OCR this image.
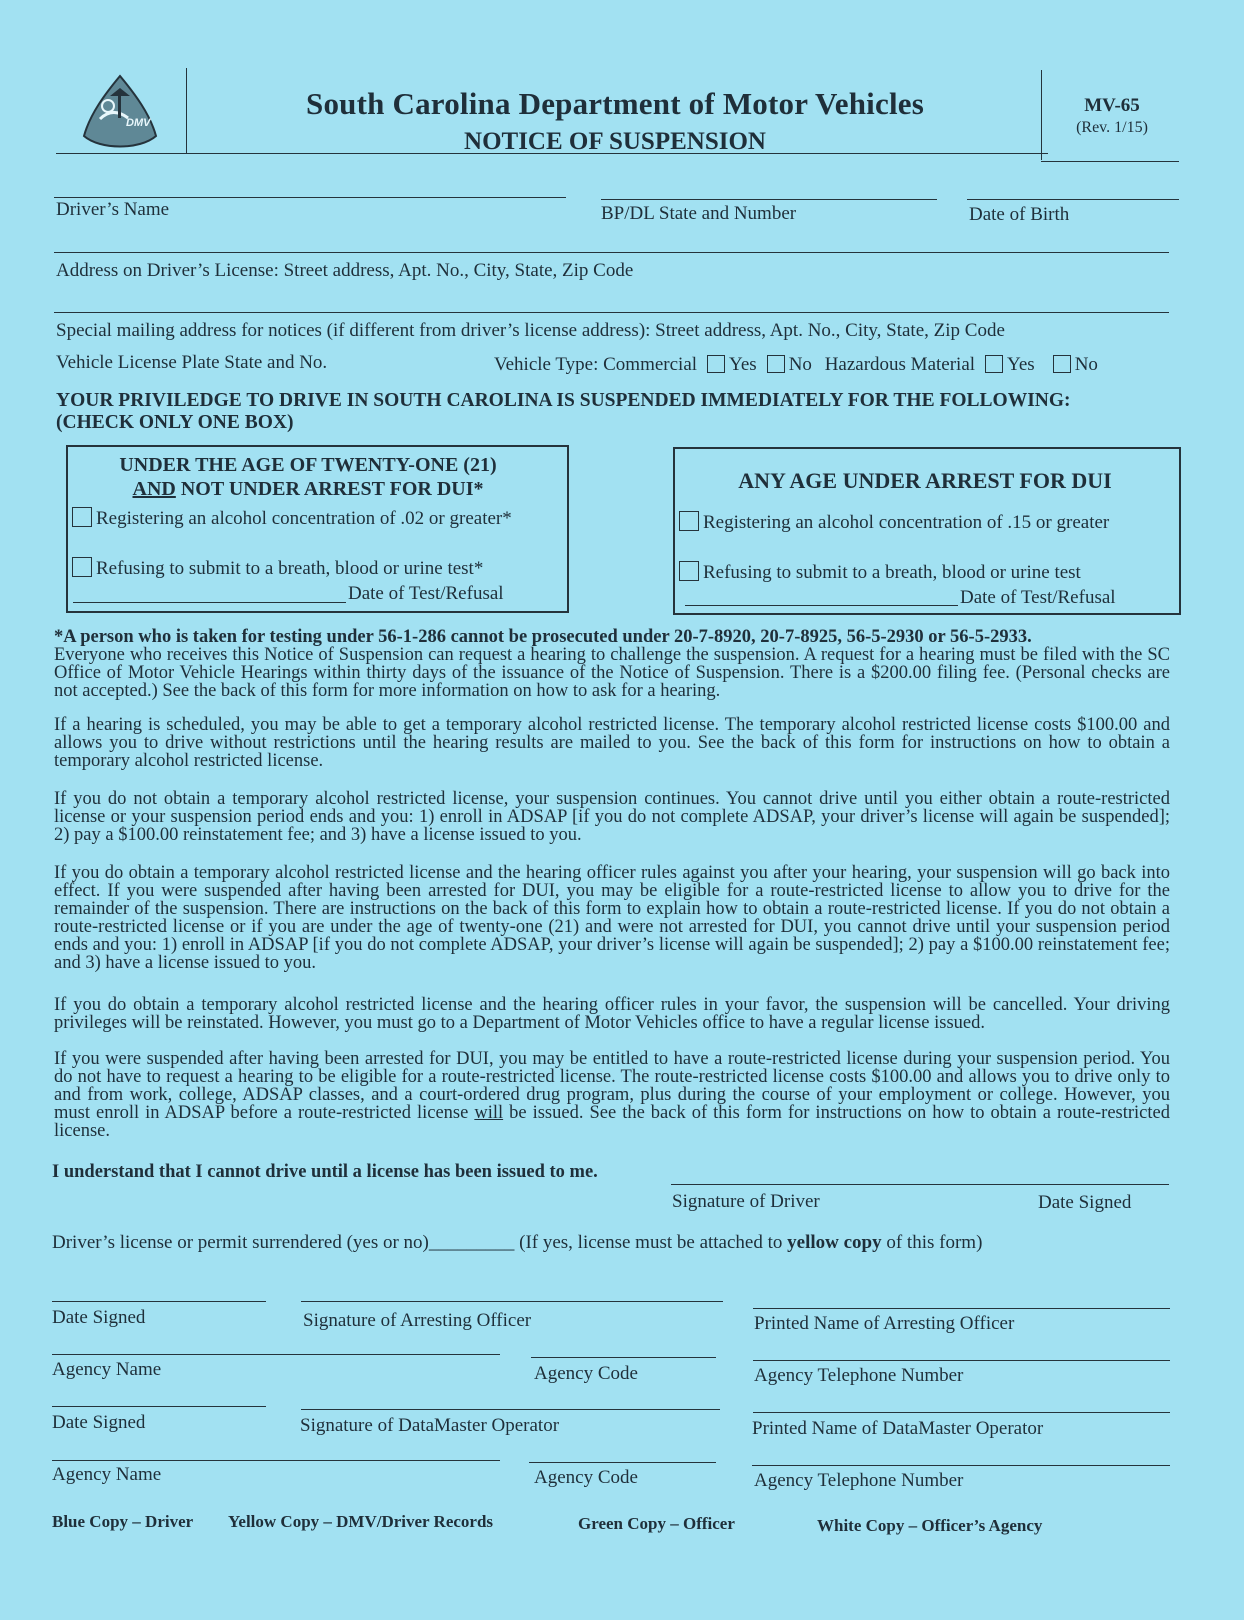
DMV
South Carolina Department of Motor Vehicles
NOTICE OF SUSPENSION
MV-65
(Rev. 1/15)
Driver’s Name	BP/DL State and Number	Date of Birth
Address on Driver’s License: Street address, Apt. No., City, State, Zip Code
Special mailing address for notices (if different from driver’s license address): Street address, Apt. No., City, State, Zip Code
Vehicle License Plate State and No.	Vehicle Type: Commercial Yes No Hazardous Material Yes No
YOUR PRIVILEDGE TO DRIVE IN SOUTH CAROLINA IS SUSPENDED IMMEDIATELY FOR THE FOLLOWING:
(CHECK ONLY ONE BOX)
UNDER THE AGE OF TWENTY-ONE (21)
AND NOT UNDER ARREST FOR DUI*
Registering an alcohol concentration of .02 or greater*
Refusing to submit to a breath, blood or urine test*
Date of Test/Refusal
ANY AGE UNDER ARREST FOR DUI
Registering an alcohol concentration of .15 or greater
Refusing to submit to a breath, blood or urine test
Date of Test/Refusal
*A person who is taken for testing under 56-1-286 cannot be prosecuted under 20-7-8920, 20-7-8925, 56-5-2930 or 56-5-2933.
Everyone who receives this Notice of Suspension can request a hearing to challenge the suspension. A request for a hearing must be filed with the SC Office of Motor Vehicle Hearings within thirty days of the issuance of the Notice of Suspension. There is a $200.00 filing fee. (Personal checks are not accepted.) See the back of this form for more information on how to ask for a hearing.
If a hearing is scheduled, you may be able to get a temporary alcohol restricted license. The temporary alcohol restricted license costs $100.00 and allows you to drive without restrictions until the hearing results are mailed to you. See the back of this form for instructions on how to obtain a temporary alcohol restricted license.
If you do not obtain a temporary alcohol restricted license, your suspension continues. You cannot drive until you either obtain a route-restricted license or your suspension period ends and you: 1) enroll in ADSAP [if you do not complete ADSAP, your driver’s license will again be suspended]; 2) pay a $100.00 reinstatement fee; and 3) have a license issued to you.
If you do obtain a temporary alcohol restricted license and the hearing officer rules against you after your hearing, your suspension will go back into effect. If you were suspended after having been arrested for DUI, you may be eligible for a route-restricted license to allow you to drive for the remainder of the suspension. There are instructions on the back of this form to explain how to obtain a route-restricted license. If you do not obtain a route-restricted license or if you are under the age of twenty-one (21) and were not arrested for DUI, you cannot drive until your suspension period ends and you: 1) enroll in ADSAP [if you do not complete ADSAP, your driver’s license will again be suspended]; 2) pay a $100.00 reinstatement fee; and 3) have a license issued to you.
If you do obtain a temporary alcohol restricted license and the hearing officer rules in your favor, the suspension will be cancelled. Your driving privileges will be reinstated. However, you must go to a Department of Motor Vehicles office to have a regular license issued.
If you were suspended after having been arrested for DUI, you may be entitled to have a route-restricted license during your suspension period. You do not have to request a hearing to be eligible for a route-restricted license. The route-restricted license costs $100.00 and allows you to drive only to and from work, college, ADSAP classes, and a court-ordered drug program, plus during the course of your employment or college. However, you must enroll in ADSAP before a route-restricted license will be issued. See the back of this form for instructions on how to obtain a route-restricted license.
I understand that I cannot drive until a license has been issued to me.
Signature of Driver	Date Signed
Driver’s license or permit surrendered (yes or no)_________ (If yes, license must be attached to yellow copy of this form)
Date Signed	Signature of Arresting Officer	Printed Name of Arresting Officer
Agency Name	Agency Code	Agency Telephone Number
Date Signed	Signature of DataMaster Operator	Printed Name of DataMaster Operator
Agency Name	Agency Code	Agency Telephone Number
Blue Copy – Driver Yellow Copy – DMV/Driver Records	Green Copy – Officer	White Copy – Officer’s Agency
